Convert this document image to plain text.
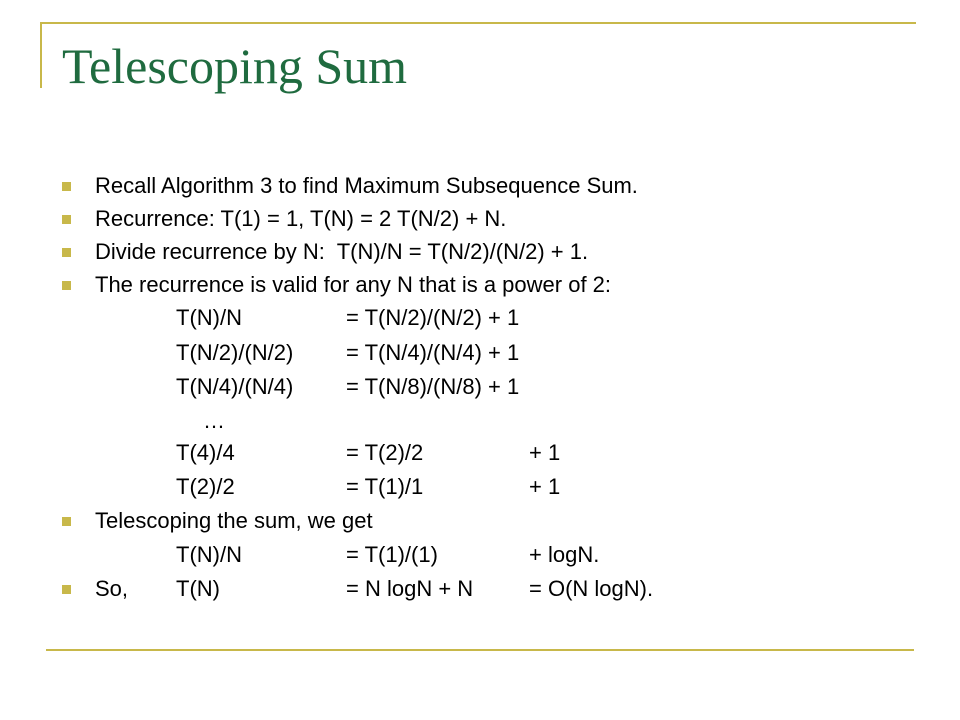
Telescoping Sum
Recall Algorithm 3 to find Maximum Subsequence Sum.
Recurrence: T(1) = 1, T(N) = 2 T(N/2) + N.
Divide recurrence by N:  T(N)/N = T(N/2)/(N/2) + 1.
The recurrence is valid for any N that is a power of 2:
T(N)/N	= T(N/2)/(N/2) + 1
T(N/2)/(N/2) = T(N/4)/(N/4) + 1
T(N/4)/(N/4) = T(N/8)/(N/8) + 1
…
T(4)/4	= T(2)/2	+ 1
T(2)/2	= T(1)/1	+ 1
Telescoping the sum, we get
T(N)/N	= T(1)/(1)	+ logN.
So, T(N)	= N logN + N	= O(N logN).
